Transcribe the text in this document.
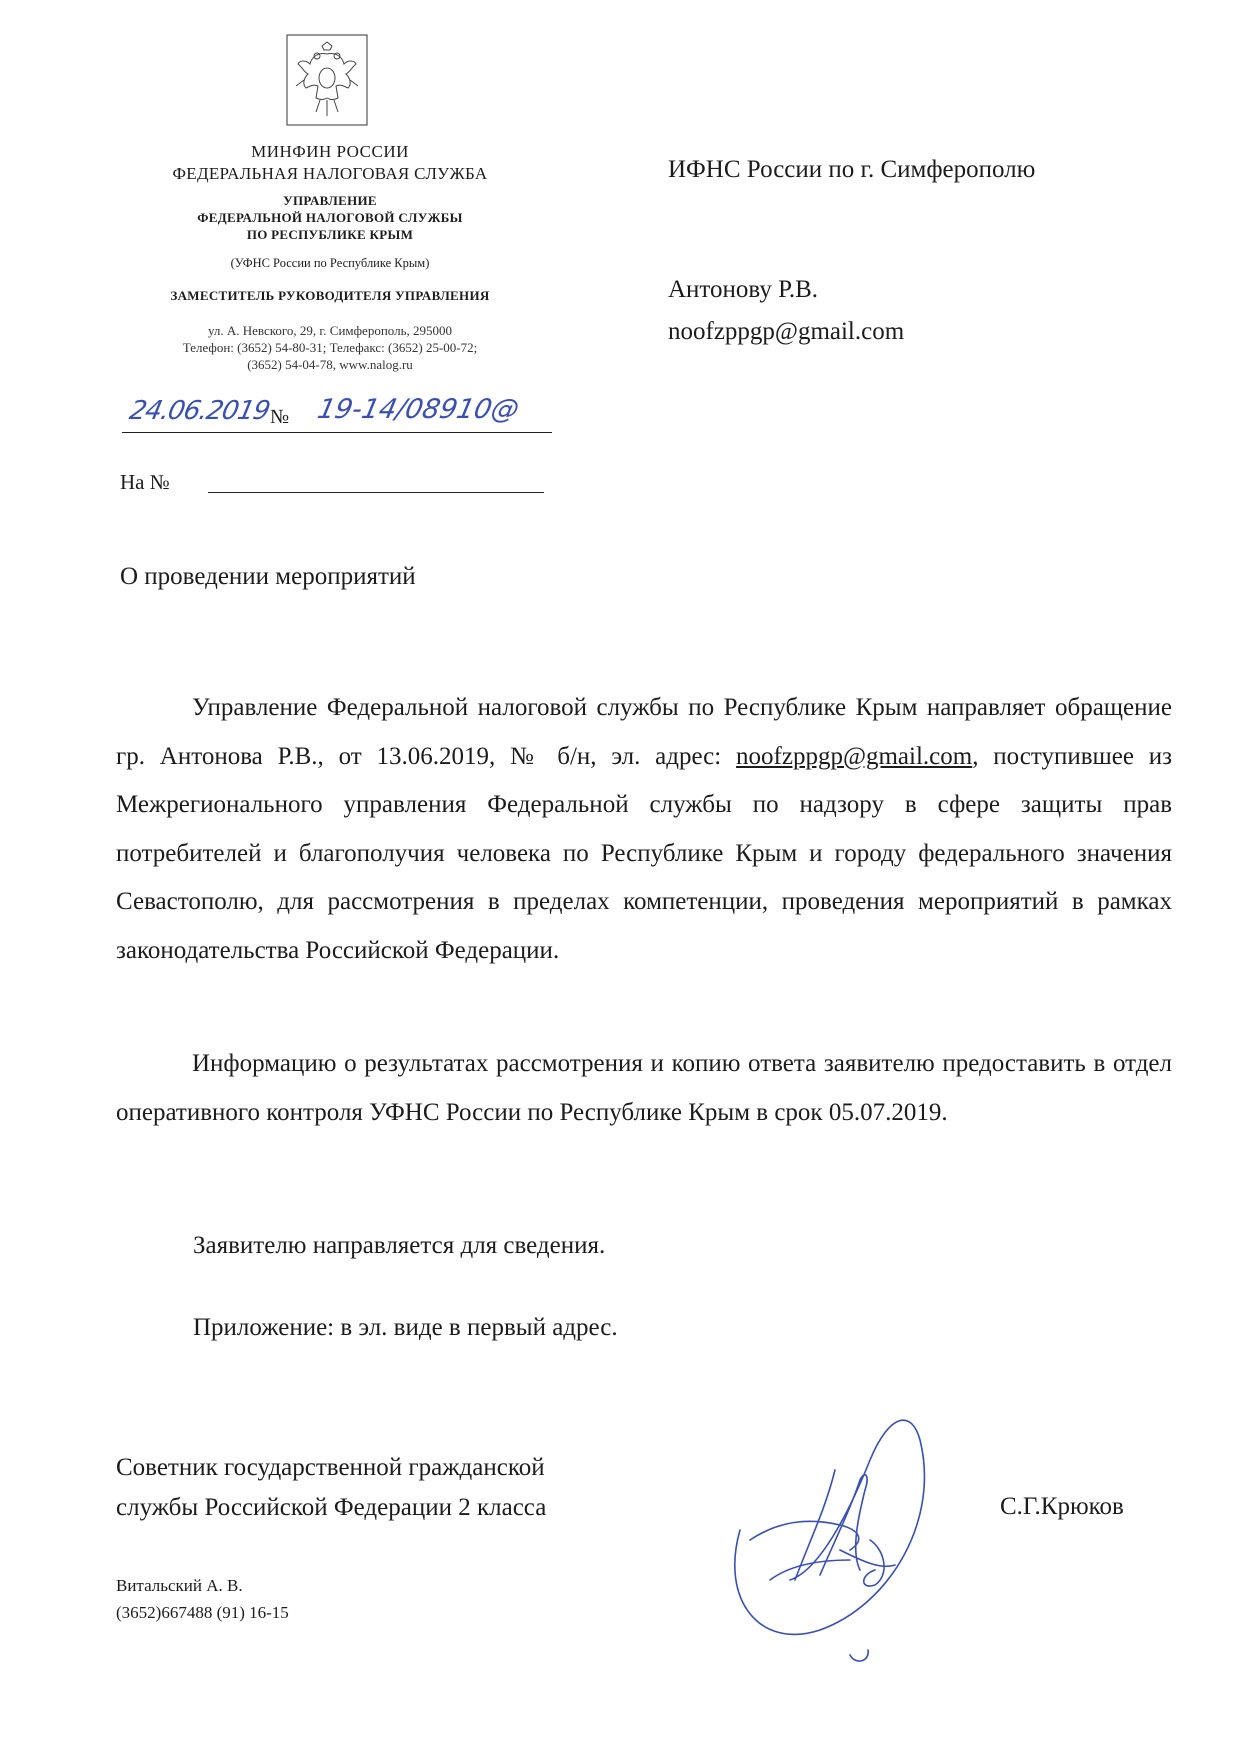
МИНФИН РОССИИ
ФЕДЕРАЛЬНАЯ НАЛОГОВАЯ СЛУЖБА
УПРАВЛЕНИЕ
ФЕДЕРАЛЬНОЙ НАЛОГОВОЙ СЛУЖБЫ
ПО РЕСПУБЛИКЕ КРЫМ
(УФНС России по Республике Крым)
ЗАМЕСТИТЕЛЬ РУКОВОДИТЕЛЯ УПРАВЛЕНИЯ
ул. А. Невского, 29, г. Симферополь, 295000
Телефон: (3652) 54-80-31; Телефакс: (3652) 25-00-72;
(3652) 54-04-78, www.nalog.ru
24.06.2019
№ 19-14/08910@
На №
ИФНС России по г. Симферополю
Антонову Р.В.
noofzppgp@gmail.com
О проведении мероприятий

Управление Федеральной налоговой службы по Республике Крым направляет обращение гр. Антонова Р.В., от 13.06.2019, № б/н, эл. адрес: noofzppgp@gmail.com, поступившее из Межрегионального управления Федеральной службы по надзору в сфере защиты прав потребителей и благополучия человека по Республике Крым и городу федерального значения Севастополю, для рассмотрения в пределах компетенции, проведения мероприятий в рамках законодательства Российской Федерации.

Информацию о результатах рассмотрения и копию ответа заявителю предоставить в отдел оперативного контроля УФНС России по Республике Крым в срок 05.07.2019.

Заявителю направляется для сведения.
Приложение: в эл. виде в первый адрес.
Советник государственной гражданской
службы Российской Федерации 2 класса	С.Г.Крюков
Витальский А. В.
(3652)667488 (91) 16-15
